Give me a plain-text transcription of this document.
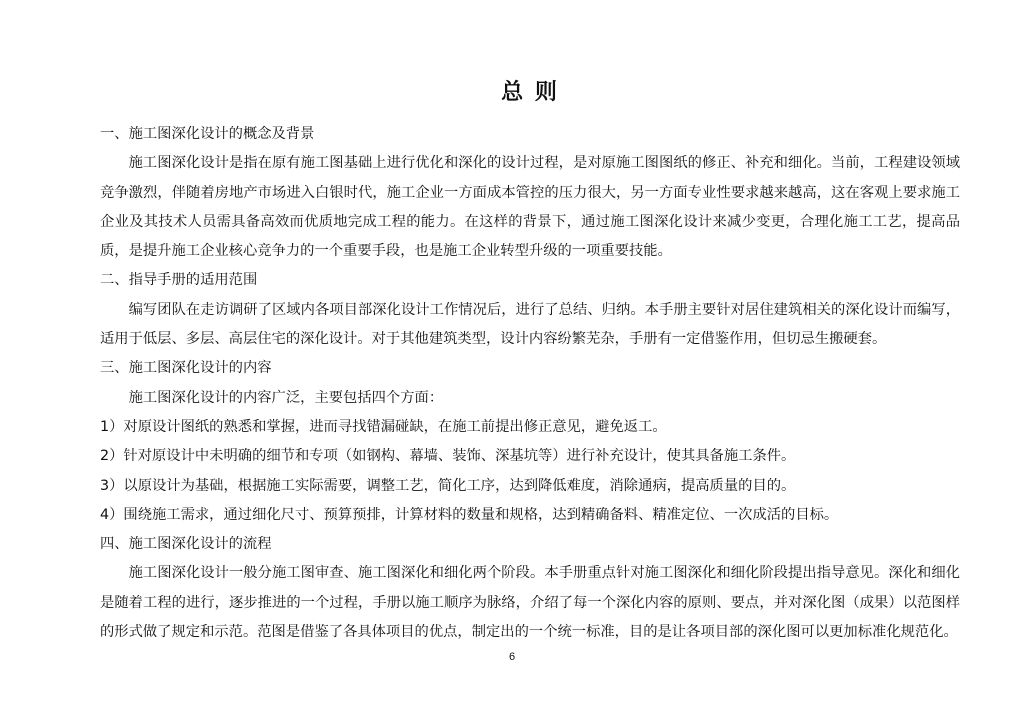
总 则

一、施工图深化设计的概念及背景

施工图深化设计是指在原有施工图基础上进行优化和深化的设计过程，是对原施工图图纸的修正、补充和细化。当前，工程建设领域竞争激烈，伴随着房地产市场进入白银时代，施工企业一方面成本管控的压力很大，另一方面专业性要求越来越高，这在客观上要求施工企业及其技术人员需具备高效而优质地完成工程的能力。在这样的背景下，通过施工图深化设计来减少变更，合理化施工工艺，提高品质，是提升施工企业核心竞争力的一个重要手段，也是施工企业转型升级的一项重要技能。

二、指导手册的适用范围

编写团队在走访调研了区域内各项目部深化设计工作情况后，进行了总结、归纳。本手册主要针对居住建筑相关的深化设计而编写，适用于低层、多层、高层住宅的深化设计。对于其他建筑类型，设计内容纷繁芜杂，手册有一定借鉴作用，但切忌生搬硬套。

三、施工图深化设计的内容

施工图深化设计的内容广泛，主要包括四个方面：

1）对原设计图纸的熟悉和掌握，进而寻找错漏碰缺，在施工前提出修正意见，避免返工。

2）针对原设计中未明确的细节和专项（如钢构、幕墙、装饰、深基坑等）进行补充设计，使其具备施工条件。

3）以原设计为基础，根据施工实际需要，调整工艺，简化工序，达到降低难度，消除通病，提高质量的目的。

4）围绕施工需求，通过细化尺寸、预算预排，计算材料的数量和规格，达到精确备料、精准定位、一次成活的目标。

四、施工图深化设计的流程

施工图深化设计一般分施工图审查、施工图深化和细化两个阶段。本手册重点针对施工图深化和细化阶段提出指导意见。深化和细化是随着工程的进行，逐步推进的一个过程，手册以施工顺序为脉络，介绍了每一个深化内容的原则、要点，并对深化图（成果）以范图样的形式做了规定和示范。范图是借鉴了各具体项目的优点，制定出的一个统一标准，目的是让各项目部的深化图可以更加标准化规范化。

6
